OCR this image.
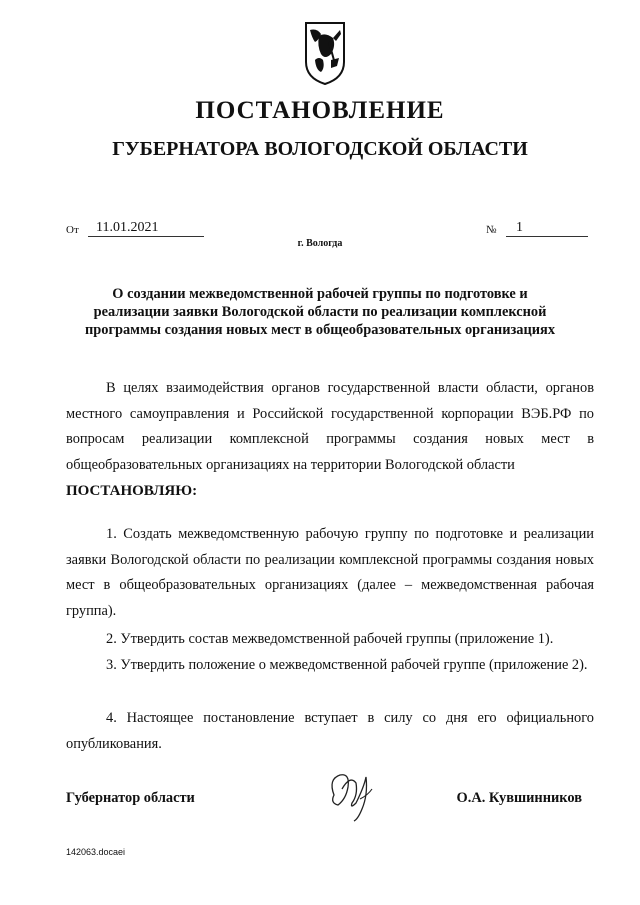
ПОСТАНОВЛЕНИЕ
ГУБЕРНАТОРА ВОЛОГОДСКОЙ ОБЛАСТИ
От	11.01.2021	№	1
г. Вологда
О создании межведомственной рабочей группы по подготовке и
реализации заявки Вологодской области по реализации комплексной
программы создания новых мест в общеобразовательных организациях
В целях взаимодействия органов государственной власти области, органов местного самоуправления и Российской государственной корпорации ВЭБ.РФ по вопросам реализации комплексной программы создания новых мест в общеобразовательных организациях на территории Вологодской области
ПОСТАНОВЛЯЮ:
1. Создать межведомственную рабочую группу по подготовке и реализации заявки Вологодской области по реализации комплексной программы создания новых мест в общеобразовательных организациях (далее – межведомственная рабочая группа).
2. Утвердить состав межведомственной рабочей группы (приложение 1).
3. Утвердить положение о межведомственной рабочей группе (приложение 2).
4. Настоящее постановление вступает в силу со дня его официального опубликования.
Губернатор области	О.А. Кувшинников
142063.docaei
